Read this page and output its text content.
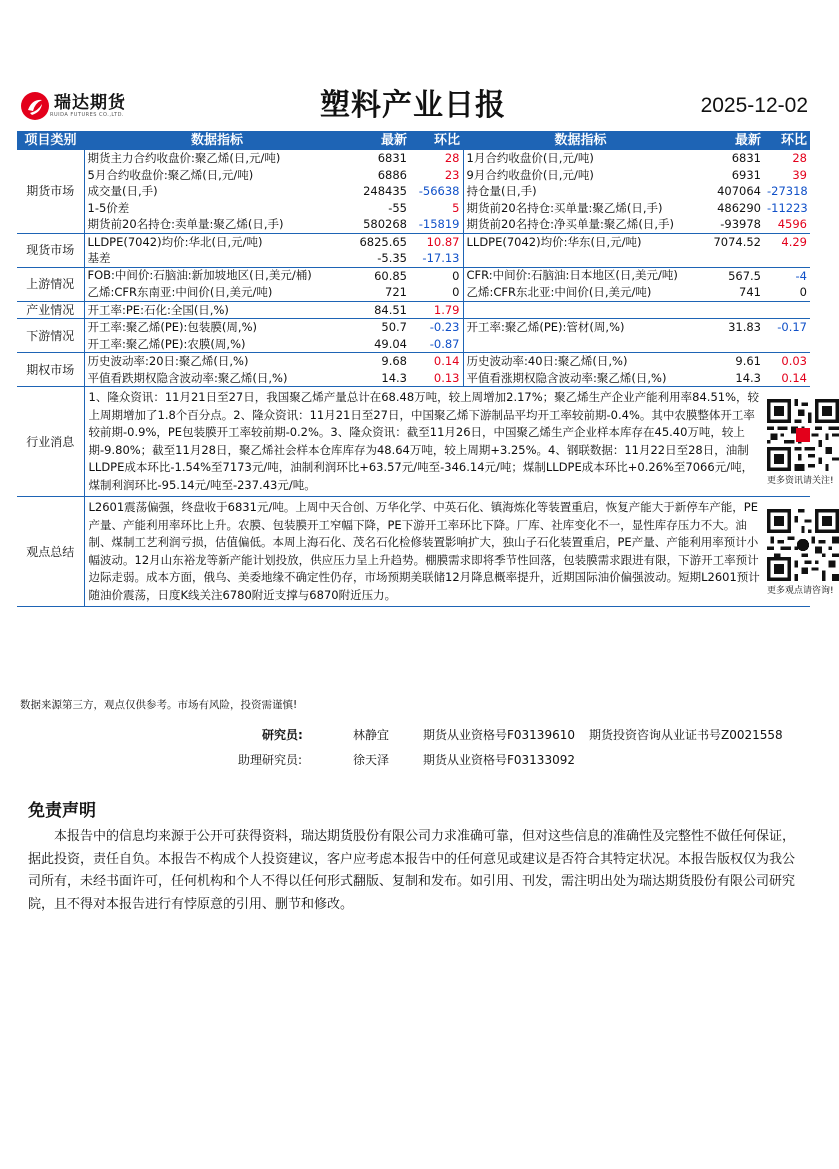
瑞达期货
RUIDA FUTURES CO.,LTD.	塑料产业日报	2025-12-02
项目类别	数据指标	最新	环比	数据指标	最新	环比
期货市场	期货主力合约收盘价:聚乙烯(日,元/吨)	6831	28	1月合约收盘价(日,元/吨)	6831	28
	5月合约收盘价:聚乙烯(日,元/吨)	6886	23	9月合约收盘价(日,元/吨)	6931	39
	成交量(日,手)	248435	-56638	持仓量(日,手)	407064	-27318
	1-5价差	-55	5	期货前20名持仓:买单量:聚乙烯(日,手)	486290	-11223
	期货前20名持仓:卖单量:聚乙烯(日,手)	580268	-15819	期货前20名持仓:净买单量:聚乙烯(日,手)	-93978	4596
现货市场	LLDPE(7042)均价:华北(日,元/吨)	6825.65	10.87	LLDPE(7042)均价:华东(日,元/吨)	7074.52	4.29
	基差	-5.35	-17.13			
上游情况	FOB:中间价:石脑油:新加坡地区(日,美元/桶)	60.85	0	CFR:中间价:石脑油:日本地区(日,美元/吨)	567.5	-4
	乙烯:CFR东南亚:中间价(日,美元/吨)	721	0	乙烯:CFR东北亚:中间价(日,美元/吨)	741	0
产业情况	开工率:PE:石化:全国(日,%)	84.51	1.79			
下游情况	开工率:聚乙烯(PE):包装膜(周,%)	50.7	-0.23	开工率:聚乙烯(PE):管材(周,%)	31.83	-0.17
	开工率:聚乙烯(PE):农膜(周,%)	49.04	-0.87			
期权市场	历史波动率:20日:聚乙烯(日,%)	9.68	0.14	历史波动率:40日:聚乙烯(日,%)	9.61	0.03
	平值看跌期权隐含波动率:聚乙烯(日,%)	14.3	0.13	平值看涨期权隐含波动率:聚乙烯(日,%)	14.3	0.14
行业消息	1、隆众资讯：11月21日至27日，我国聚乙烯产量总计在68.48万吨，较上周增加2.17%；聚乙烯生产企业产能利用率84.51%，较上周期增加了1.8个百分点。2、隆众资讯：11月21日至27日，中国聚乙烯下游制品平均开工率较前期-0.4%。其中农膜整体开工率较前期-0.9%，PE包装膜开工率较前期-0.2%。3、隆众资讯：截至11月26日，中国聚乙烯生产企业样本库存在45.40万吨，较上期-9.80%；截至11月28日，聚乙烯社会样本仓库库存为48.64万吨，较上周期+3.25%。4、钢联数据：11月22日至28日，油制LLDPE成本环比-1.54%至7173元/吨，油制利润环比+63.57元/吨至-346.14元/吨；煤制LLDPE成本环比+0.26%至7066元/吨，煤制利润环比-95.14元/吨至-237.43元/吨。					更多资讯请关注!

观点总结	L2601震荡偏强，终盘收于6831元/吨。上周中天合创、万华化学、中英石化、镇海炼化等装置重启，恢复产能大于新停车产能，PE产量、产能利用率环比上升。农膜、包装膜开工窄幅下降，PE下游开工率环比下降。厂库、社库变化不一，显性库存压力不大。油制、煤制工艺利润亏损，估值偏低。本周上海石化、茂名石化检修装置影响扩大，独山子石化装置重启，PE产量、产能利用率预计小幅波动。12月山东裕龙等新产能计划投放，供应压力呈上升趋势。棚膜需求即将季节性回落，包装膜需求跟进有限，下游开工率预计边际走弱。成本方面，俄乌、美委地缘不确定性仍存，市场预期美联储12月降息概率提升，近期国际油价偏强波动。短期L2601预计随油价震荡，日度K线关注6780附近支撑与6870附近压力。					更多观点请咨询!
数据来源第三方，观点仅供参考。市场有风险，投资需谨慎!
研究员:	林静宜	期货从业资格号F03139610 期货投资咨询从业证书号Z0021558
助理研究员:	徐天泽	期货从业资格号F03133092
免责声明
本报告中的信息均来源于公开可获得资料，瑞达期货股份有限公司力求准确可靠，但对这些信息的准确性及完整性不做任何保证，据此投资，责任自负。本报告不构成个人投资建议，客户应考虑本报告中的任何意见或建议是否符合其特定状况。本报告版权仅为我公司所有，未经书面许可，任何机构和个人不得以任何形式翻版、复制和发布。如引用、刊发，需注明出处为瑞达期货股份有限公司研究院，且不得对本报告进行有悖原意的引用、删节和修改。
